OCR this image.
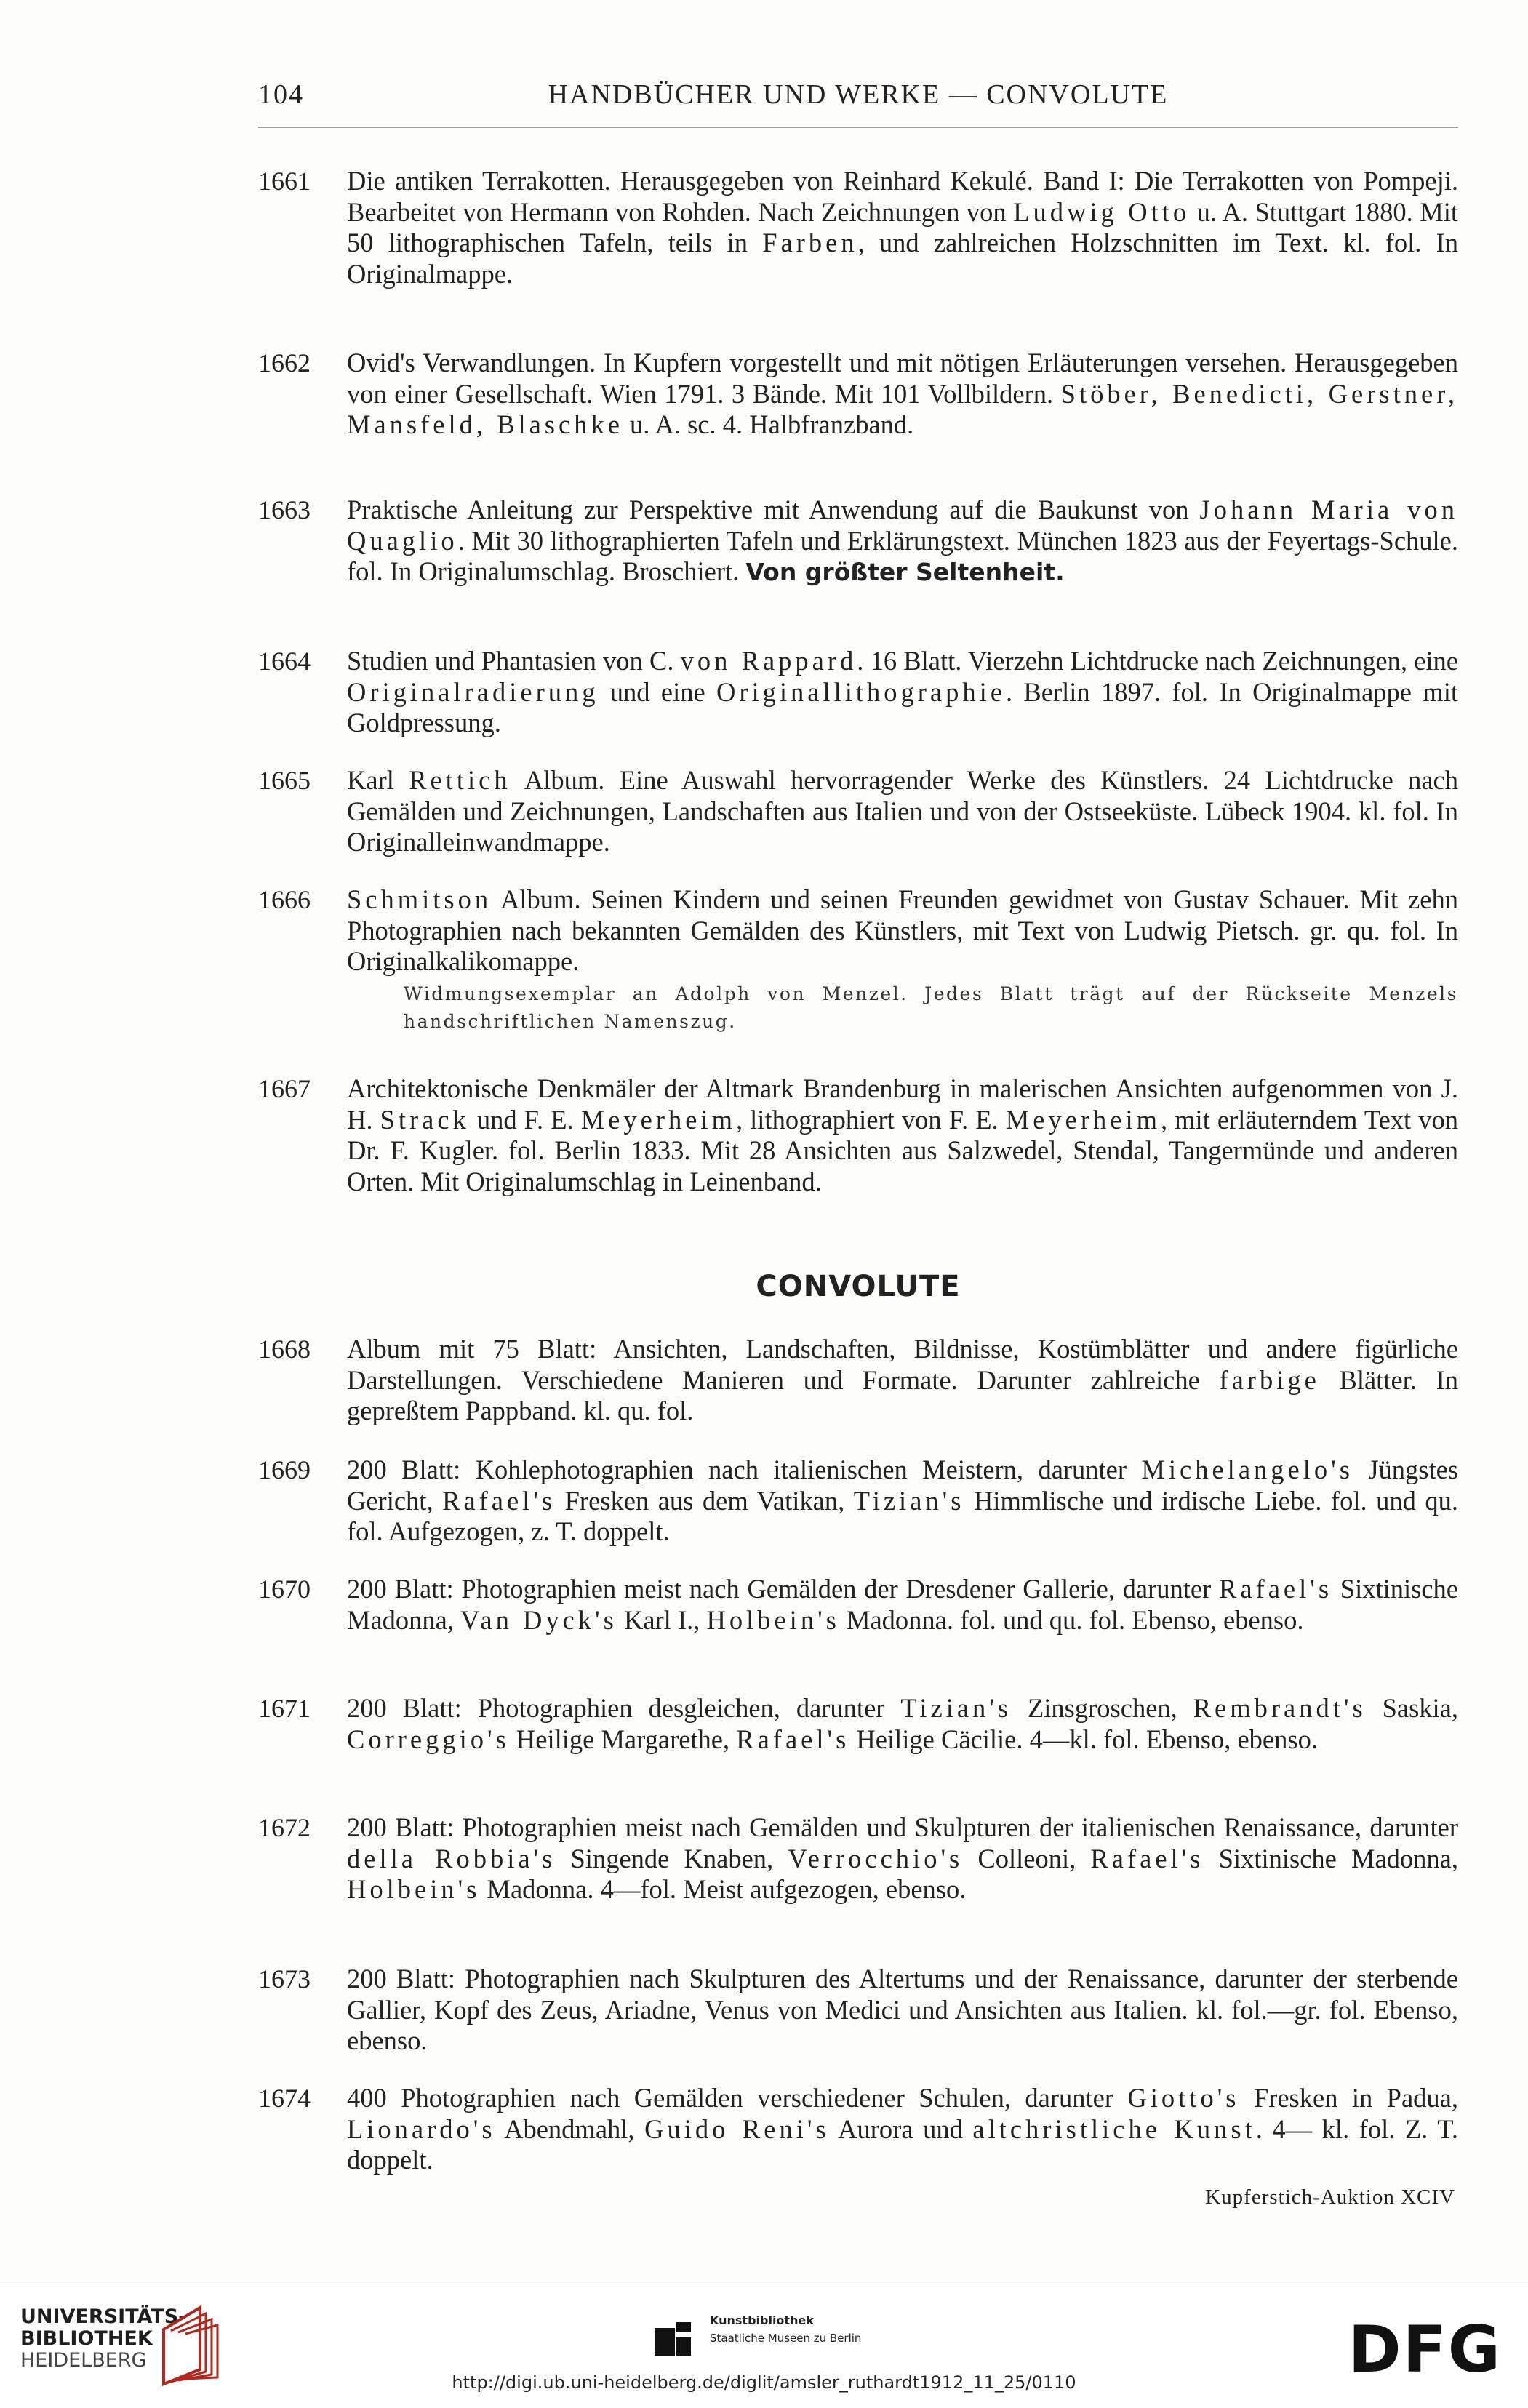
104	HANDBÜCHER UND WERKE — CONVOLUTE
1661	Die antiken Terrakotten. Herausgegeben von Reinhard Kekulé. Band I: Die Terrakotten von Pompeji. Bearbeitet von Hermann von Rohden. Nach Zeichnungen von Ludwig Otto u. A. Stuttgart 1880. Mit 50 lithographischen Tafeln, teils in Farben, und zahlreichen Holzschnitten im Text. kl. fol. In Originalmappe.
1662	Ovid's Verwandlungen. In Kupfern vorgestellt und mit nötigen Erläuterungen versehen. Herausgegeben von einer Gesellschaft. Wien 1791. 3 Bände. Mit 101 Vollbildern. Stöber, Benedicti, Gerstner, Mansfeld, Blaschke u. A. sc. 4. Halbfranzband.
1663	Praktische Anleitung zur Perspektive mit Anwendung auf die Baukunst von Johann Maria von Quaglio. Mit 30 lithographierten Tafeln und Erklärungstext. München 1823 aus der Feyertags-Schule. fol. In Originalumschlag. Broschiert. Von größter Seltenheit.
1664	Studien und Phantasien von C. von Rappard. 16 Blatt. Vierzehn Lichtdrucke nach Zeichnungen, eine Originalradierung und eine Originallithographie. Berlin 1897. fol. In Originalmappe mit Goldpressung.
1665	Karl Rettich Album. Eine Auswahl hervorragender Werke des Künstlers. 24 Lichtdrucke nach Gemälden und Zeichnungen, Landschaften aus Italien und von der Ostseeküste. Lübeck 1904. kl. fol. In Originalleinwandmappe.
1666	Schmitson Album. Seinen Kindern und seinen Freunden gewidmet von Gustav Schauer. Mit zehn Photographien nach bekannten Gemälden des Künstlers, mit Text von Ludwig Pietsch. gr. qu. fol. In Originalkalikomappe.
Widmungsexemplar an Adolph von Menzel. Jedes Blatt trägt auf der Rückseite Menzels handschriftlichen Namenszug.
1667	Architektonische Denkmäler der Altmark Brandenburg in malerischen Ansichten aufgenommen von J. H. Strack und F. E. Meyerheim, lithographiert von F. E. Meyerheim, mit erläuterndem Text von Dr. F. Kugler. fol. Berlin 1833. Mit 28 Ansichten aus Salzwedel, Stendal, Tangermünde und anderen Orten. Mit Originalumschlag in Leinenband.
CONVOLUTE
1668	Album mit 75 Blatt: Ansichten, Landschaften, Bildnisse, Kostümblätter und andere figürliche Darstellungen. Verschiedene Manieren und Formate. Darunter zahlreiche farbige Blätter. In gepreßtem Pappband. kl. qu. fol.
1669	200 Blatt: Kohlephotographien nach italienischen Meistern, darunter Michelangelo's Jüngstes Gericht, Rafael's Fresken aus dem Vatikan, Tizian's Himmlische und irdische Liebe. fol. und qu. fol. Aufgezogen, z. T. doppelt.
1670	200 Blatt: Photographien meist nach Gemälden der Dresdener Gallerie, darunter Rafael's Sixtinische Madonna, Van Dyck's Karl I., Holbein's Madonna. fol. und qu. fol. Ebenso, ebenso.
1671	200 Blatt: Photographien desgleichen, darunter Tizian's Zinsgroschen, Rembrandt's Saskia, Correggio's Heilige Margarethe, Rafael's Heilige Cäcilie. 4—kl. fol. Ebenso, ebenso.
1672	200 Blatt: Photographien meist nach Gemälden und Skulpturen der italienischen Renaissance, darunter della Robbia's Singende Knaben, Verrocchio's Colleoni, Rafael's Sixtinische Madonna, Holbein's Madonna. 4—fol. Meist aufgezogen, ebenso.
1673	200 Blatt: Photographien nach Skulpturen des Altertums und der Renaissance, darunter der sterbende Gallier, Kopf des Zeus, Ariadne, Venus von Medici und Ansichten aus Italien. kl. fol.—gr. fol. Ebenso, ebenso.
1674	400 Photographien nach Gemälden verschiedener Schulen, darunter Giotto's Fresken in Padua, Lionardo's Abendmahl, Guido Reni's Aurora und altchristliche Kunst. 4— kl. fol. Z. T. doppelt.
Kupferstich-Auktion XCIV
UNIVERSITÄTS-
BIBLIOTHEK
HEIDELBERG
Kunstbibliothek
Staatliche Museen zu Berlin	DFG
http://digi.ub.uni-heidelberg.de/diglit/amsler_ruthardt1912_11_25/0110
